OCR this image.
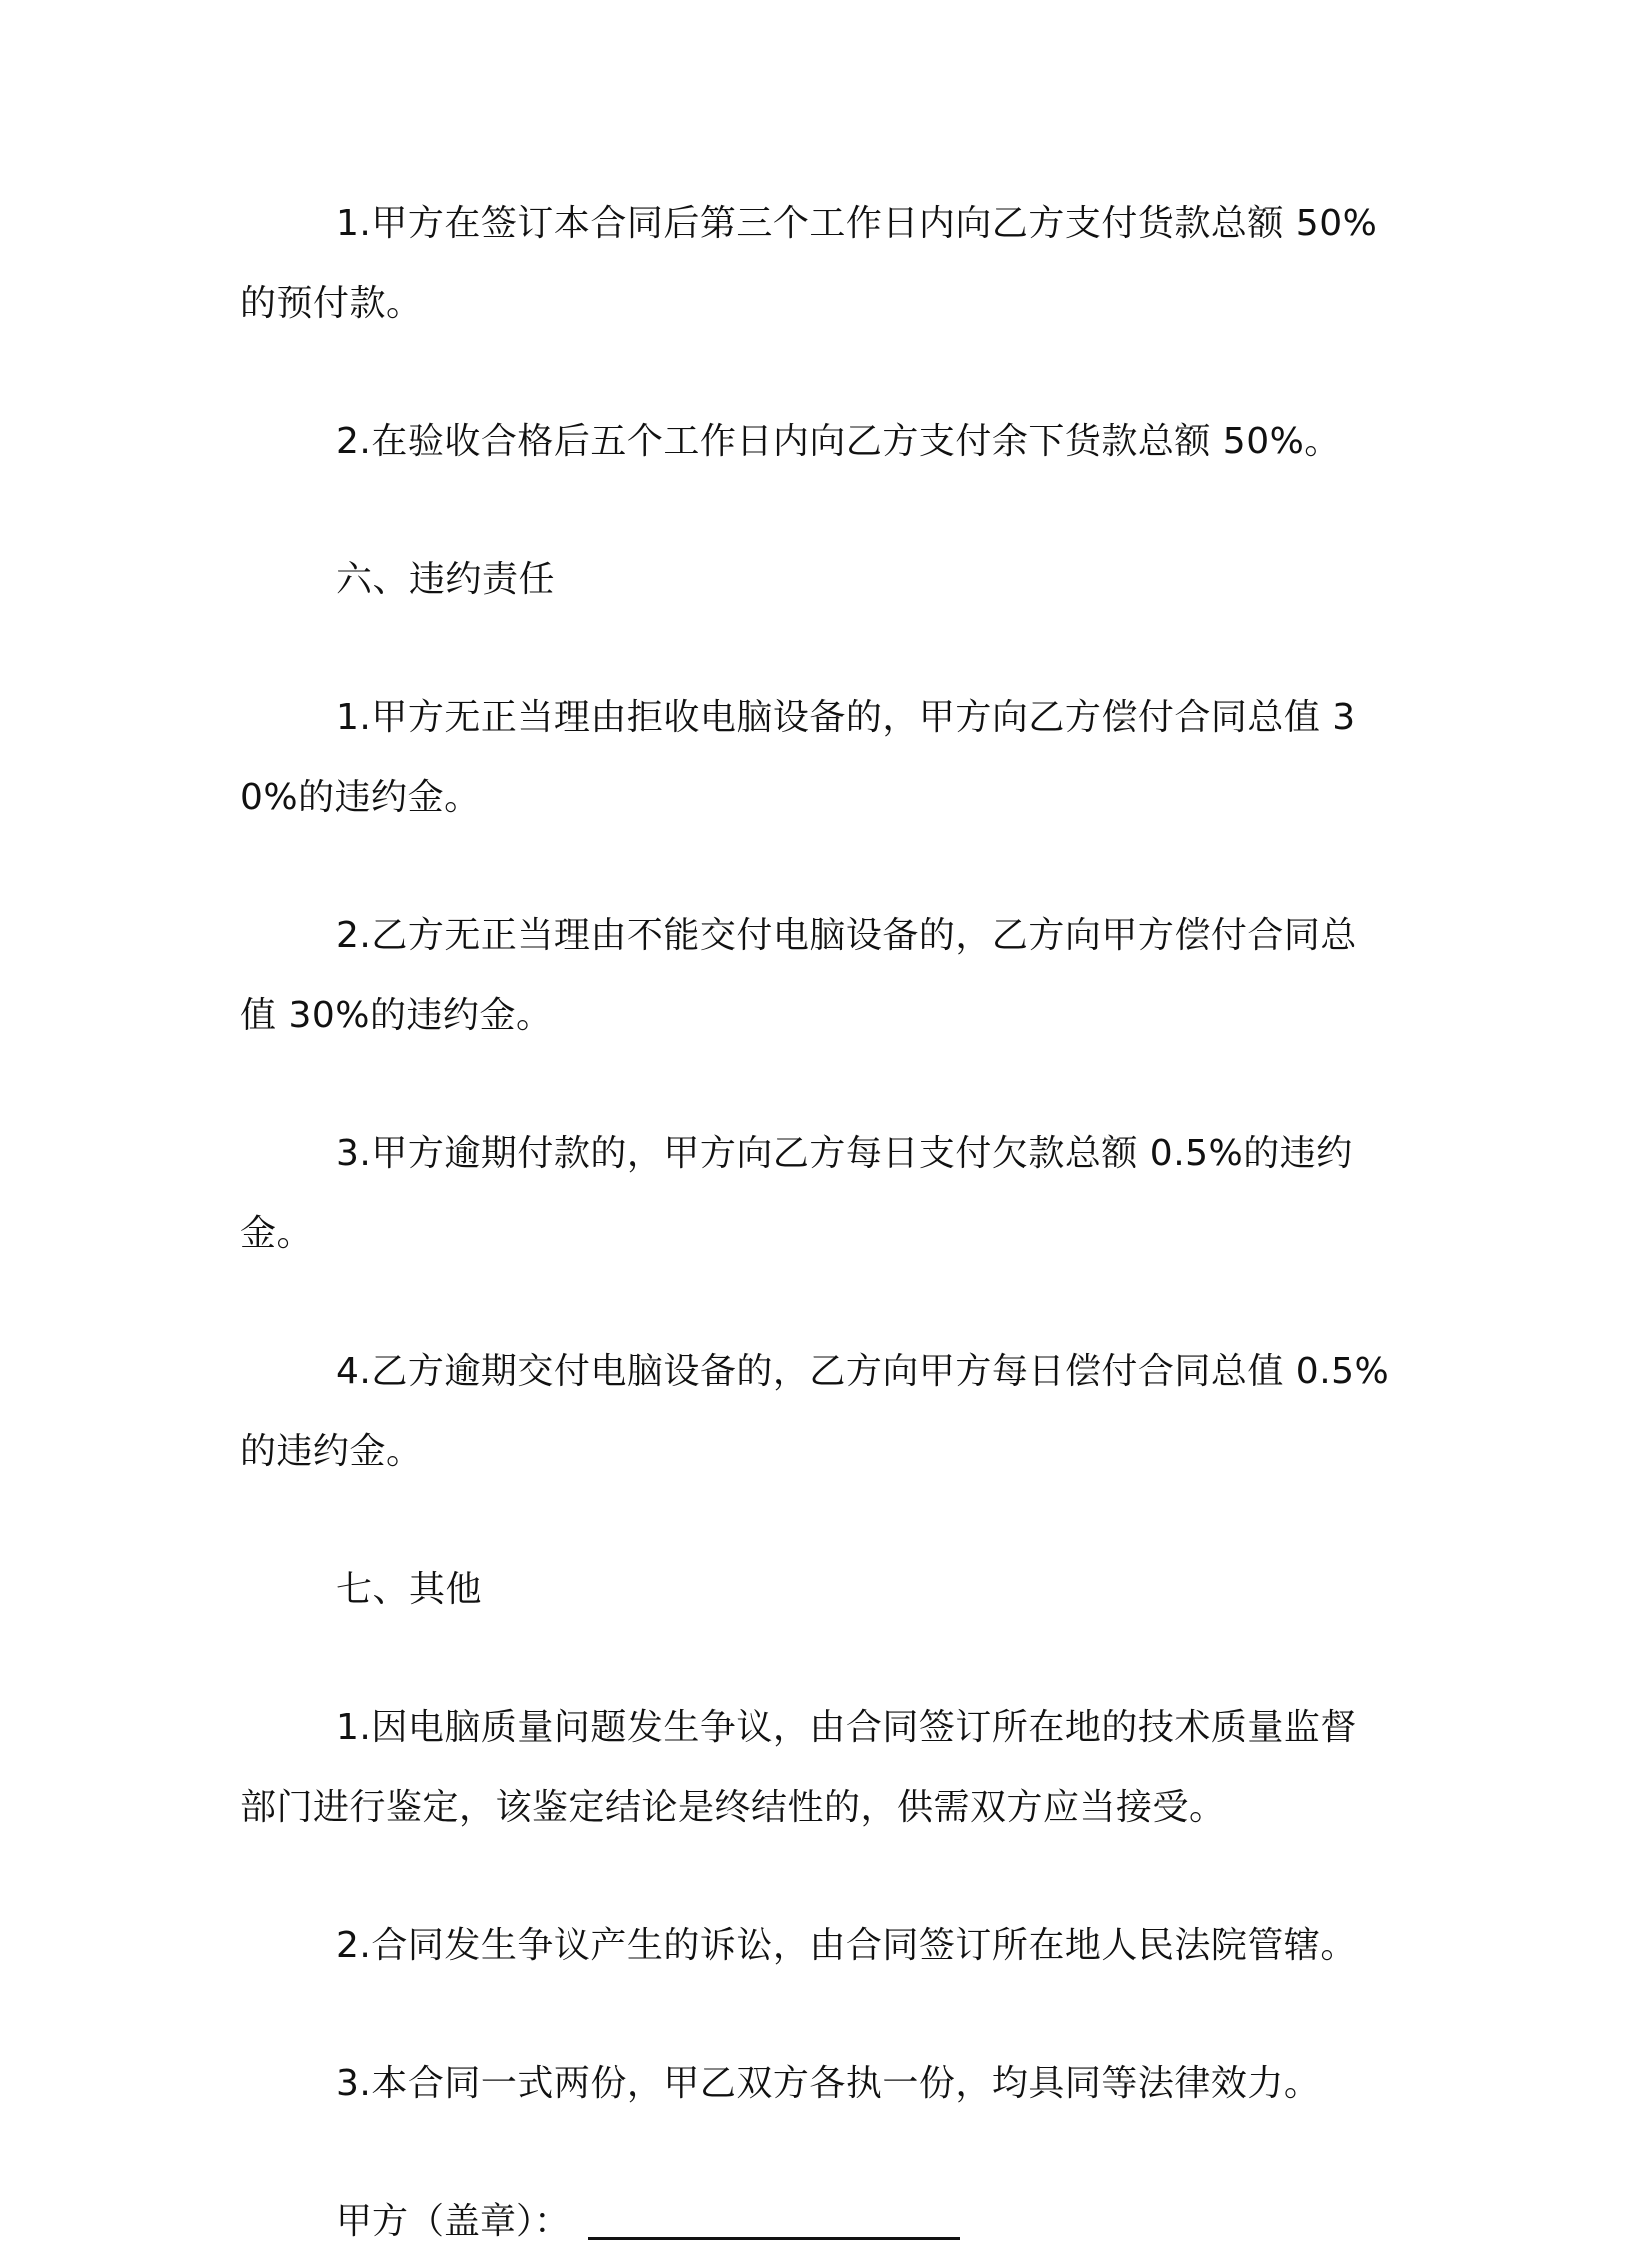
1.甲方在签订本合同后第三个工作日内向乙方支付货款总额 50%的预付款。

2.在验收合格后五个工作日内向乙方支付余下货款总额 50%。

六、违约责任

1.甲方无正当理由拒收电脑设备的，甲方向乙方偿付合同总值 30%的违约金。

2.乙方无正当理由不能交付电脑设备的，乙方向甲方偿付合同总值 30%的违约金。

3.甲方逾期付款的，甲方向乙方每日支付欠款总额 0.5%的违约金。

4.乙方逾期交付电脑设备的，乙方向甲方每日偿付合同总值 0.5%的违约金。

七、其他

1.因电脑质量问题发生争议，由合同签订所在地的技术质量监督部门进行鉴定，该鉴定结论是终结性的，供需双方应当接受。

2.合同发生争议产生的诉讼，由合同签订所在地人民法院管辖。

3.本合同一式两份，甲乙双方各执一份，均具同等法律效力。

甲方（盖章）：
